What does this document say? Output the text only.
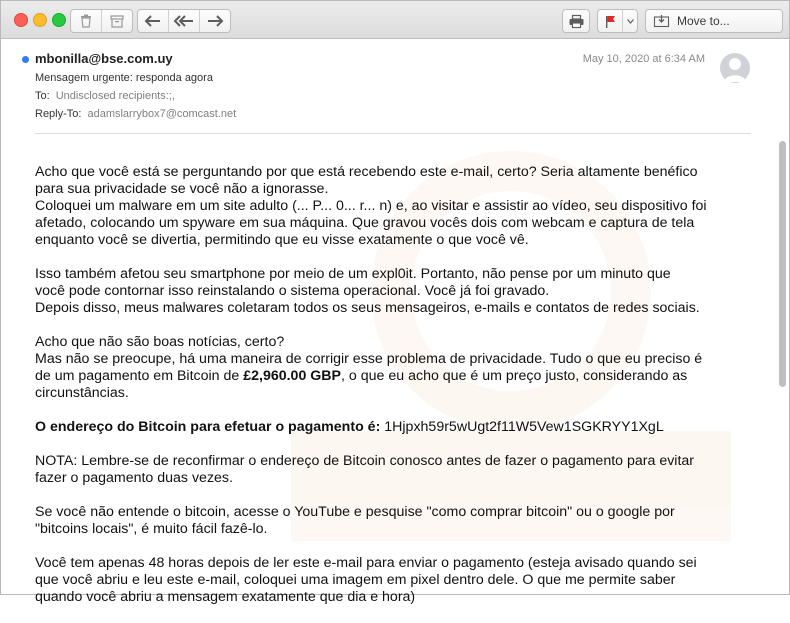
Move to...
mbonilla@bse.com.uy	May 10, 2020 at 6:34 AM
Mensagem urgente: responda agora
To: Undisclosed recipients:;,
Reply-To: adamslarrybox7@comcast.net

Acho que você está se perguntando por que está recebendo este e-mail, certo? Seria altamente benéfico
para sua privacidade se você não a ignorasse.
Coloquei um malware em um site adulto (... P... 0... r... n) e, ao visitar e assistir ao vídeo, seu dispositivo foi
afetado, colocando um spyware em sua máquina. Que gravou vocês dois com webcam e captura de tela
enquanto você se divertia, permitindo que eu visse exatamente o que você vê.

Isso também afetou seu smartphone por meio de um expl0it. Portanto, não pense por um minuto que
você pode contornar isso reinstalando o sistema operacional. Você já foi gravado.
Depois disso, meus malwares coletaram todos os seus mensageiros, e-mails e contatos de redes sociais.

Acho que não são boas notícias, certo?
Mas não se preocupe, há uma maneira de corrigir esse problema de privacidade. Tudo o que eu preciso é
de um pagamento em Bitcoin de £2,960.00 GBP, o que eu acho que é um preço justo, considerando as
circunstâncias.

O endereço do Bitcoin para efetuar o pagamento é: 1Hjpxh59r5wUgt2f11W5Vew1SGKRYY1XgL

NOTA: Lembre-se de reconfirmar o endereço de Bitcoin conosco antes de fazer o pagamento para evitar
fazer o pagamento duas vezes.

Se você não entende o bitcoin, acesse o YouTube e pesquise "como comprar bitcoin" ou o google por
"bitcoins locais", é muito fácil fazê-lo.

Você tem apenas 48 horas depois de ler este e-mail para enviar o pagamento (esteja avisado quando sei
que você abriu e leu este e-mail, coloquei uma imagem em pixel dentro dele. O que me permite saber
quando você abriu a mensagem exatamente que dia e hora)
